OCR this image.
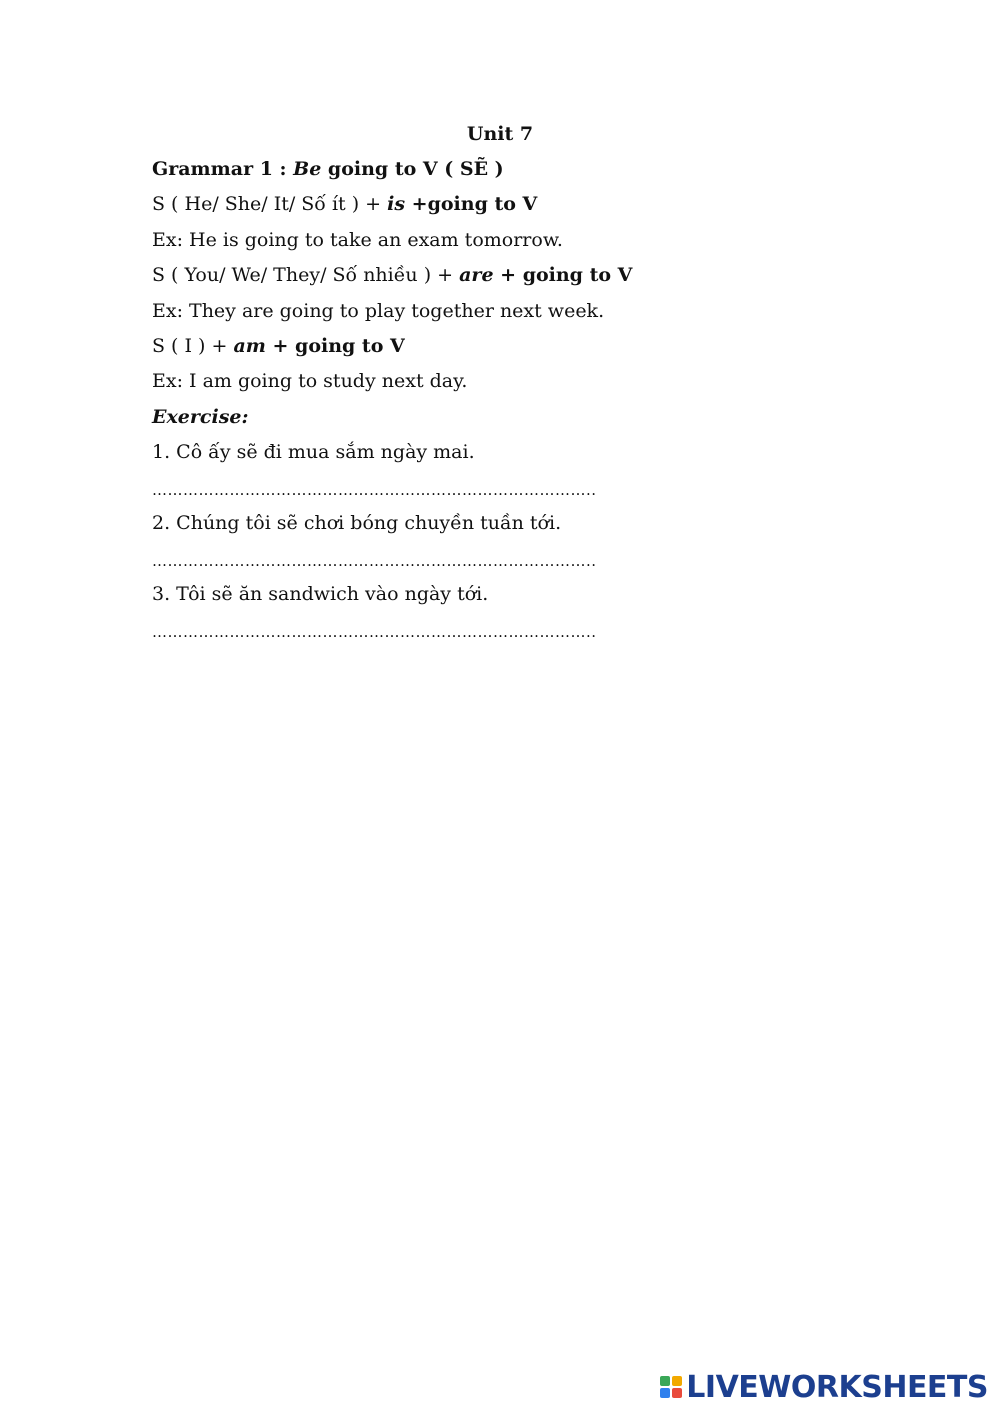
Unit 7
Grammar 1 : Be going to V ( SẼ )
S ( He/ She/ It/ Số ít ) + is +going to V
Ex: He is going to take an exam tomorrow.
S ( You/ We/ They/ Số nhiều ) + are + going to V
Ex: They are going to play together next week.
S ( I ) + am + going to V
Ex: I am going to study next day.
Exercise:
1. Cô ấy sẽ đi mua sắm ngày mai.
…………………………………………………………………………..
2. Chúng tôi sẽ chơi bóng chuyền tuần tới.
…………………………………………………………………………..
3. Tôi sẽ ăn sandwich vào ngày tới.
…………………………………………………………………………..
LIVEWORKSHEETS
